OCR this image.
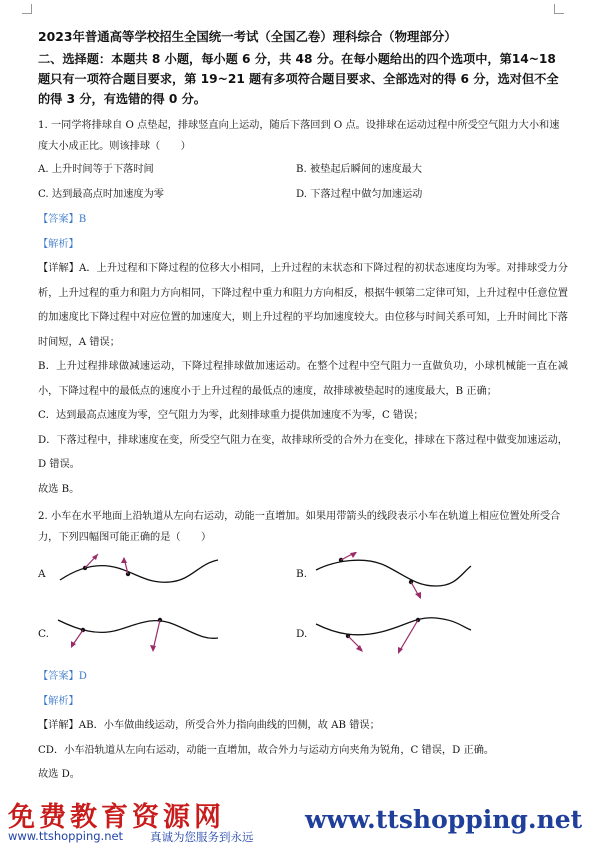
2023年普通高等学校招生全国统一考试（全国乙卷）理科综合（物理部分）

二、选择题：本题共 8 小题，每小题 6 分，共 48 分。在每小题给出的四个选项中，第14~18题只有一项符合题目要求，第 19~21 题有多项符合题目要求、全部选对的得 6 分，选对但不全的得 3 分，有选错的得 0 分。

1. 一同学将排球自 O 点垫起，排球竖直向上运动，随后下落回到 O 点。设排球在运动过程中所受空气阻力大小和速度大小成正比。则该排球（　　）

A. 上升时间等于下落时间	B. 被垫起后瞬间的速度最大
C. 达到最高点时加速度为零	D. 下落过程中做匀加速运动
【答案】B
【解析】

【详解】A．上升过程和下降过程的位移大小相同，上升过程的末状态和下降过程的初状态速度均为零。对排球受力分析，上升过程的重力和阻力方向相同，下降过程中重力和阻力方向相反，根据牛顿第二定律可知，上升过程中任意位置的加速度比下降过程中对应位置的加速度大，则上升过程的平均加速度较大。由位移与时间关系可知，上升时间比下落时间短，A 错误；

B．上升过程排球做减速运动，下降过程排球做加速运动。在整个过程中空气阻力一直做负功，小球机械能一直在减小，下降过程中的最低点的速度小于上升过程的最低点的速度，故排球被垫起时的速度最大，B 正确；

C．达到最高点速度为零，空气阻力为零，此刻排球重力提供加速度不为零，C 错误；

D．下落过程中，排球速度在变，所受空气阻力在变，故排球所受的合外力在变化，排球在下落过程中做变加速运动，D 错误。

故选 B。

2. 小车在水平地面上沿轨道从左向右运动，动能一直增加。如果用带箭头的线段表示小车在轨道上相应位置处所受合力，下列四幅图可能正确的是（　　）

A	B.
C.	D.
【答案】D
【解析】

【详解】AB．小车做曲线运动，所受合外力指向曲线的凹侧，故 AB 错误；

CD．小车沿轨道从左向右运动，动能一直增加，故合外力与运动方向夹角为锐角，C 错误，D 正确。

故选 D。

免费教育资源网
www.ttshopping.net 真诚为您服务到永远
www.ttshopping.net
